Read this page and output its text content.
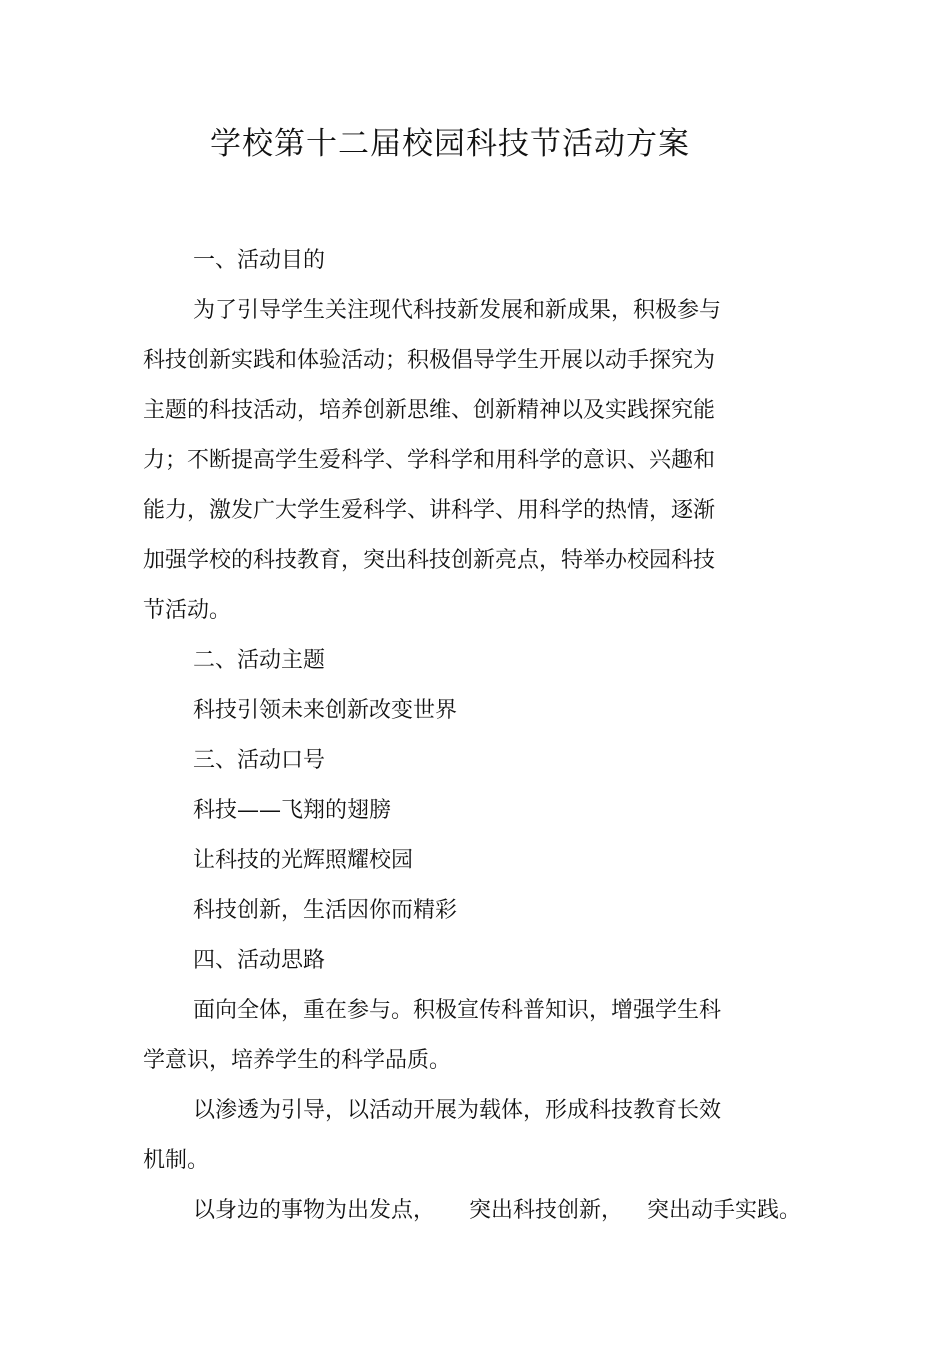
学校第十二届校园科技节活动方案
一、活动目的
为了引导学生关注现代科技新发展和新成果，积极参与
科技创新实践和体验活动；积极倡导学生开展以动手探究为
主题的科技活动，培养创新思维、创新精神以及实践探究能
力；不断提高学生爱科学、学科学和用科学的意识、兴趣和
能力，激发广大学生爱科学、讲科学、用科学的热情，逐渐
加强学校的科技教育，突出科技创新亮点，特举办校园科技
节活动。
二、活动主题
科技引领未来创新改变世界
三、活动口号
科技——飞翔的翅膀
让科技的光辉照耀校园
科技创新，生活因你而精彩
四、活动思路
面向全体，重在参与。积极宣传科普知识，增强学生科
学意识，培养学生的科学品质。
以渗透为引导，以活动开展为载体，形成科技教育长效
机制。
以身边的事物为出发点， 突出科技创新， 突出动手实践。
